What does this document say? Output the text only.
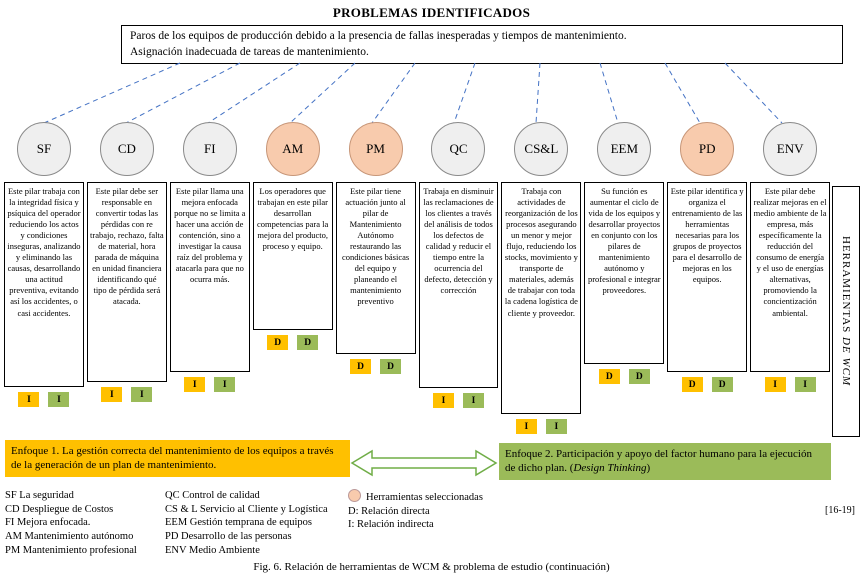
PROBLEMAS IDENTIFICADOS
Paros de los equipos de producción debido a la presencia de fallas inesperadas y tiempos de mantenimiento.
Asignación inadecuada de tareas de mantenimiento.
SF
Este pilar trabaja con la integridad física y psíquica del operador reduciendo los actos y condiciones inseguras, analizando y eliminando las causas, desarrollando una actitud preventiva, evitando así los accidentes, o casi accidentes.
I	I
CD
Este pilar debe ser responsable en convertir todas las pérdidas con re trabajo, rechazo, falta de material, hora parada de máquina en unidad financiera identificando qué tipo de pérdida será atacada.
I	I
FI
Este pilar llama una mejora enfocada porque no se limita a hacer una acción de contención, sino a investigar la causa raíz del problema y atacarla para que no ocurra más.
I	I
AM
Los operadores que trabajan en este pilar desarrollan competencias para la mejora del producto, proceso y equipo.
D	D
PM
Este pilar tiene actuación junto al pilar de Mantenimiento Autónomo restaurando las condiciones básicas del equipo y planeando el mantenimiento preventivo
D	D
QC
Trabaja en disminuir las reclamaciones de los clientes a través del análisis de todos los defectos de calidad y reducir el tiempo entre la ocurrencia del defecto, detección y corrección
I	I
CS&L
Trabaja con actividades de reorganización de los procesos asegurando un menor y mejor flujo, reduciendo los stocks, movimiento y transporte de materiales, además de trabajar con toda la cadena logística de cliente y proveedor.
I	I
EEM
Su función es aumentar el ciclo de vida de los equipos y desarrollar proyectos en conjunto con los pilares de mantenimiento autónomo y profesional e integrar proveedores.
D	D
PD
Este pilar identifica y organiza el entrenamiento de las herramientas necesarias para los grupos de proyectos para el desarrollo de mejoras en los equipos.
D	D
ENV
Este pilar debe realizar mejoras en el medio ambiente de la empresa, más específicamente la reducción del consumo de energía y el uso de energías alternativas, promoviendo la concientización ambiental.
I	I
HERRAMIENTAS DE WCM
Enfoque 1. La gestión correcta del mantenimiento de los equipos a través de la generación de un plan de mantenimiento.
Enfoque 2. Participación y apoyo del factor humano para la ejecución de dicho plan. (Design Thinking)
SF La seguridad
CD Despliegue de Costos
FI Mejora enfocada.
AM Mantenimiento autónomo
PM Mantenimiento profesional
QC Control de calidad
CS & L Servicio al Cliente y Logística
EEM Gestión temprana de equipos
PD Desarrollo de las personas
ENV Medio Ambiente
Herramientas seleccionadas
D: Relación directa
I: Relación indirecta
[16-19]
Fig. 6. Relación de herramientas de WCM & problema de estudio (continuación)
